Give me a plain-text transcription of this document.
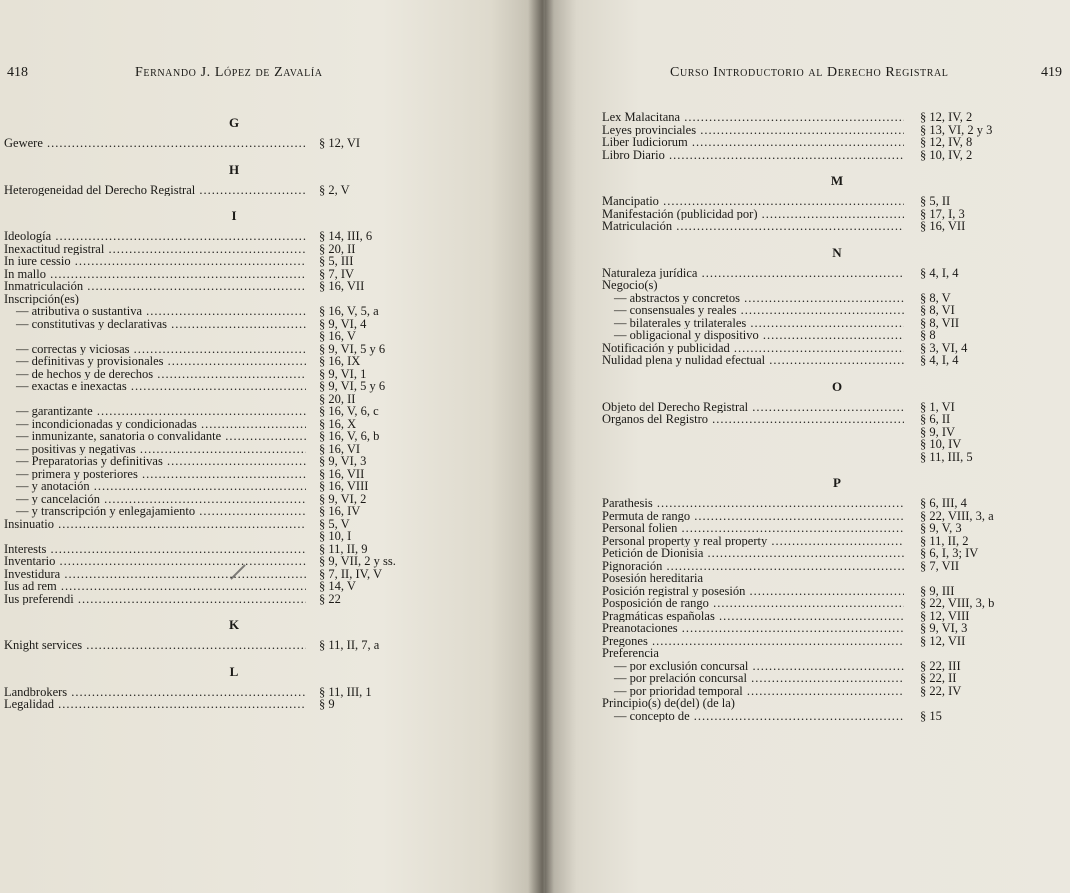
418	Fernando J. López de Zavalía
G
Gewere .....	§ 12, VI
H
Heterogeneidad del Derecho Registral .....	§ 2, V
I
Ideología .....	§ 14, III, 6
Inexactitud registral .....	§ 20, II
In iure cessio .....	§ 5, III
In mallo .....	§ 7, IV
Inmatriculación .....	§ 16, VII
Inscripción(es)
— atributiva o sustantiva .....	§ 16, V, 5, a
— constitutivas y declarativas .....	§ 9, VI, 4
§ 16, V
— correctas y viciosas .....	§ 9, VI, 5 y 6
— definitivas y provisionales .....	§ 16, IX
— de hechos y de derechos .....	§ 9, VI, 1
— exactas e inexactas .....	§ 9, VI, 5 y 6
§ 20, II
— garantizante .....	§ 16, V, 6, c
— incondicionadas y condicionadas .....	§ 16, X
— inmunizante, sanatoria o convalidante .....	§ 16, V, 6, b
— positivas y negativas .....	§ 16, VI
— Preparatorias y definitivas .....	§ 9, VI, 3
— primera y posteriores .....	§ 16, VII
— y anotación .....	§ 16, VIII
— y cancelación .....	§ 9, VI, 2
— y transcripción y enlegajamiento .....	§ 16, IV
Insinuatio .....	§ 5, V
§ 10, I
Interests .....	§ 11, II, 9
Inventario .....	§ 9, VII, 2 y ss.
Investidura .....	§ 7, II, IV, V
Ius ad rem .....	§ 14, V
Ius preferendi .....	§ 22
K
Knight services .....	§ 11, II, 7, a
L
Landbrokers .....	§ 11, III, 1
Legalidad .....	§ 9
Curso Introductorio al Derecho Registral	419
Lex Malacitana .....	§ 12, IV, 2
Leyes provinciales .....	§ 13, VI, 2 y 3
Liber Iudiciorum .....	§ 12, IV, 8
Libro Diario .....	§ 10, IV, 2
M
Mancipatio .....	§ 5, II
Manifestación (publicidad por) .....	§ 17, I, 3
Matriculación .....	§ 16, VII
N
Naturaleza jurídica .....	§ 4, I, 4
Negocio(s)
— abstractos y concretos .....	§ 8, V
— consensuales y reales .....	§ 8, VI
— bilaterales y trilaterales .....	§ 8, VII
— obligacional y dispositivo .....	§ 8
Notificación y publicidad .....	§ 3, VI, 4
Nulidad plena y nulidad efectual .....	§ 4, I, 4
O
Objeto del Derecho Registral .....	§ 1, VI
Organos del Registro .....	§ 6, II
§ 9, IV
§ 10, IV
§ 11, III, 5
P
Parathesis .....	§ 6, III, 4
Permuta de rango .....	§ 22, VIII, 3, a
Personal folien .....	§ 9, V, 3
Personal property y real property .....	§ 11, II, 2
Petición de Dionisia .....	§ 6, I, 3; IV
Pignoración .....	§ 7, VII
Posesión hereditaria
Posición registral y posesión .....	§ 9, III
Posposición de rango .....	§ 22, VIII, 3, b
Pragmáticas españolas .....	§ 12, VIII
Preanotaciones .....	§ 9, VI, 3
Pregones .....	§ 12, VII
Preferencia
— por exclusión concursal .....	§ 22, III
— por prelación concursal .....	§ 22, II
— por prioridad temporal .....	§ 22, IV
Principio(s) de(del) (de la)
— concepto de .....	§ 15
